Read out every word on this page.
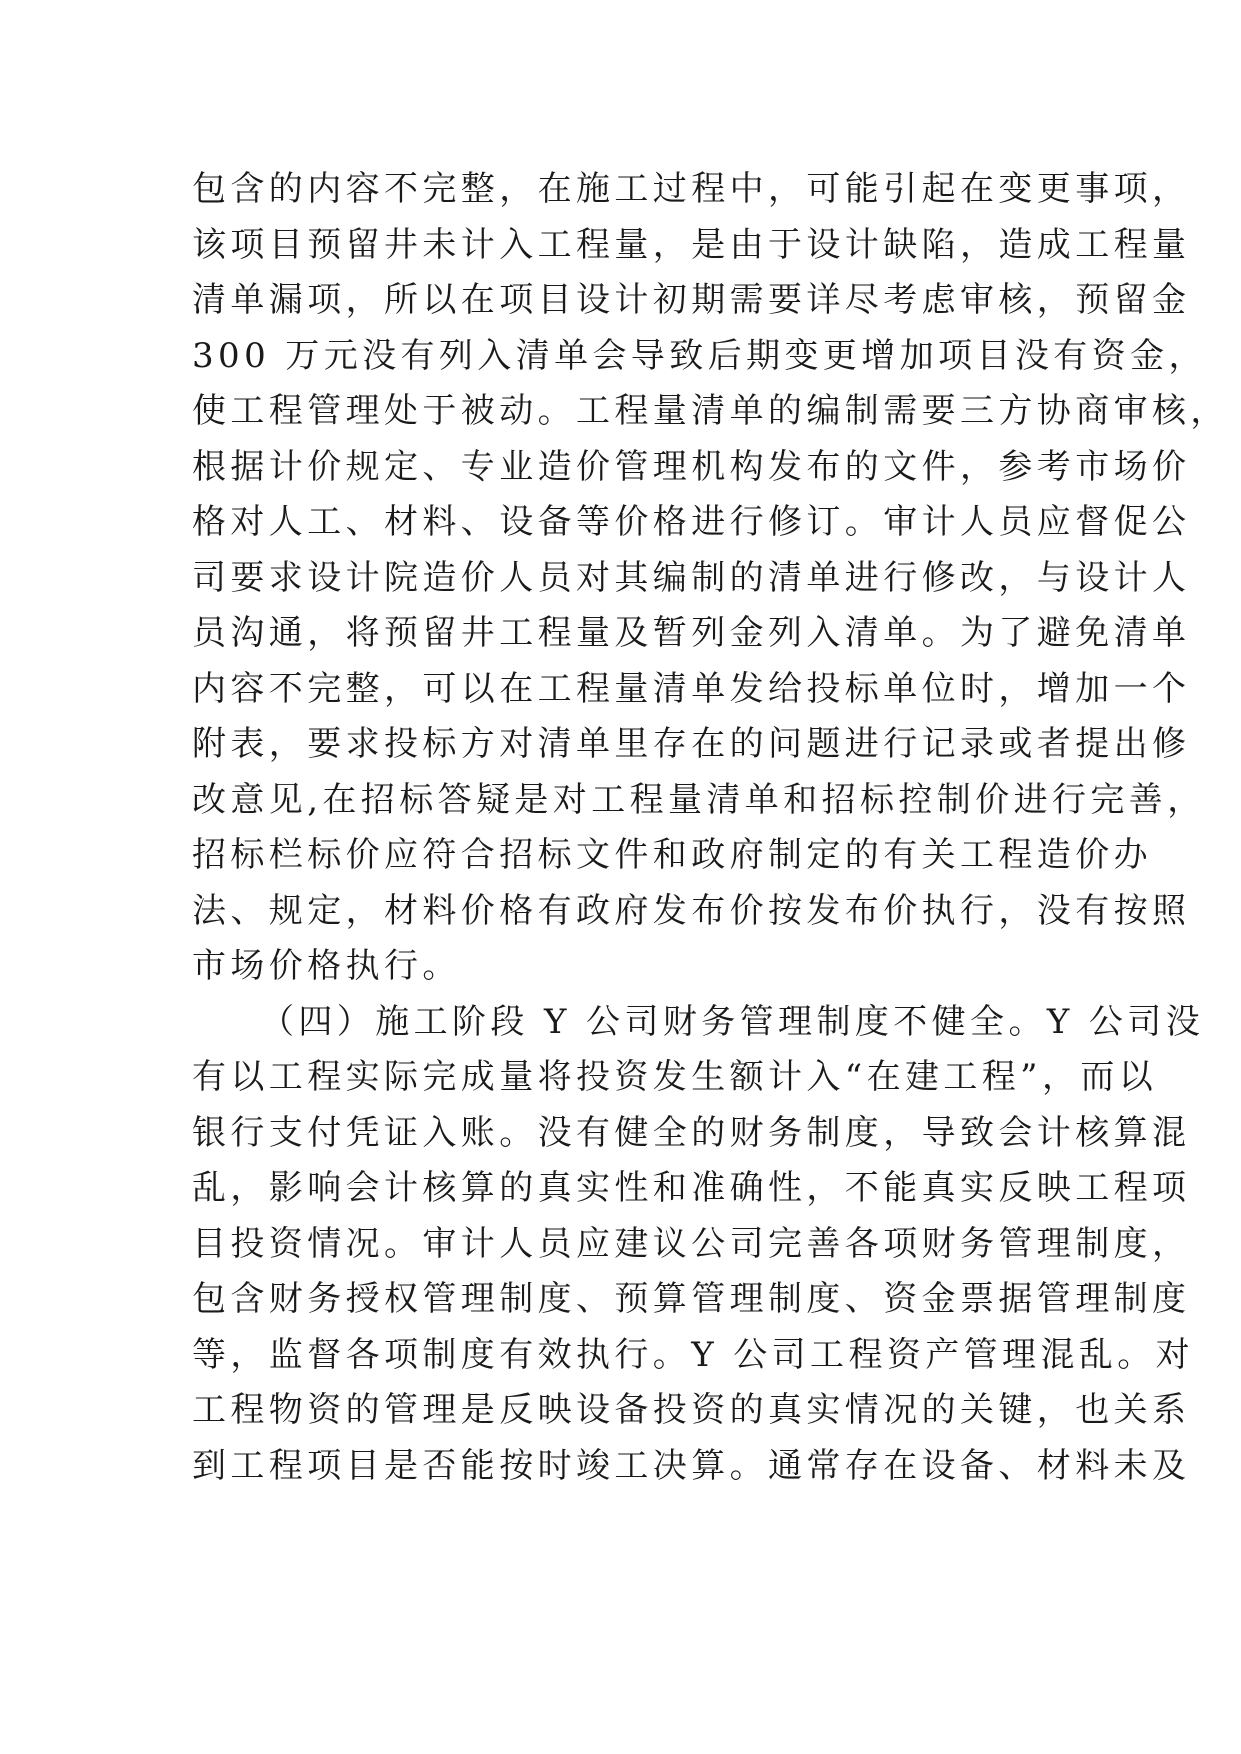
包含的内容不完整，在施工过程中，可能引起在变更事项，
该项目预留井未计入工程量，是由于设计缺陷，造成工程量
清单漏项，所以在项目设计初期需要详尽考虑审核，预留金
300 万元没有列入清单会导致后期变更增加项目没有资金，
使工程管理处于被动。工程量清单的编制需要三方协商审核，
根据计价规定、专业造价管理机构发布的文件，参考市场价
格对人工、材料、设备等价格进行修订。审计人员应督促公
司要求设计院造价人员对其编制的清单进行修改，与设计人
员沟通，将预留井工程量及暂列金列入清单。为了避免清单
内容不完整，可以在工程量清单发给投标单位时，增加一个
附表，要求投标方对清单里存在的问题进行记录或者提出修
改意见,在招标答疑是对工程量清单和招标控制价进行完善，
招标栏标价应符合招标文件和政府制定的有关工程造价办
法、规定，材料价格有政府发布价按发布价执行，没有按照
市场价格执行。
（四）施工阶段 Y 公司财务管理制度不健全。Y 公司没
有以工程实际完成量将投资发生额计入“在建工程”，而以
银行支付凭证入账。没有健全的财务制度，导致会计核算混
乱，影响会计核算的真实性和准确性，不能真实反映工程项
目投资情况。审计人员应建议公司完善各项财务管理制度，
包含财务授权管理制度、预算管理制度、资金票据管理制度
等，监督各项制度有效执行。Y 公司工程资产管理混乱。对
工程物资的管理是反映设备投资的真实情况的关键，也关系
到工程项目是否能按时竣工决算。通常存在设备、材料未及
